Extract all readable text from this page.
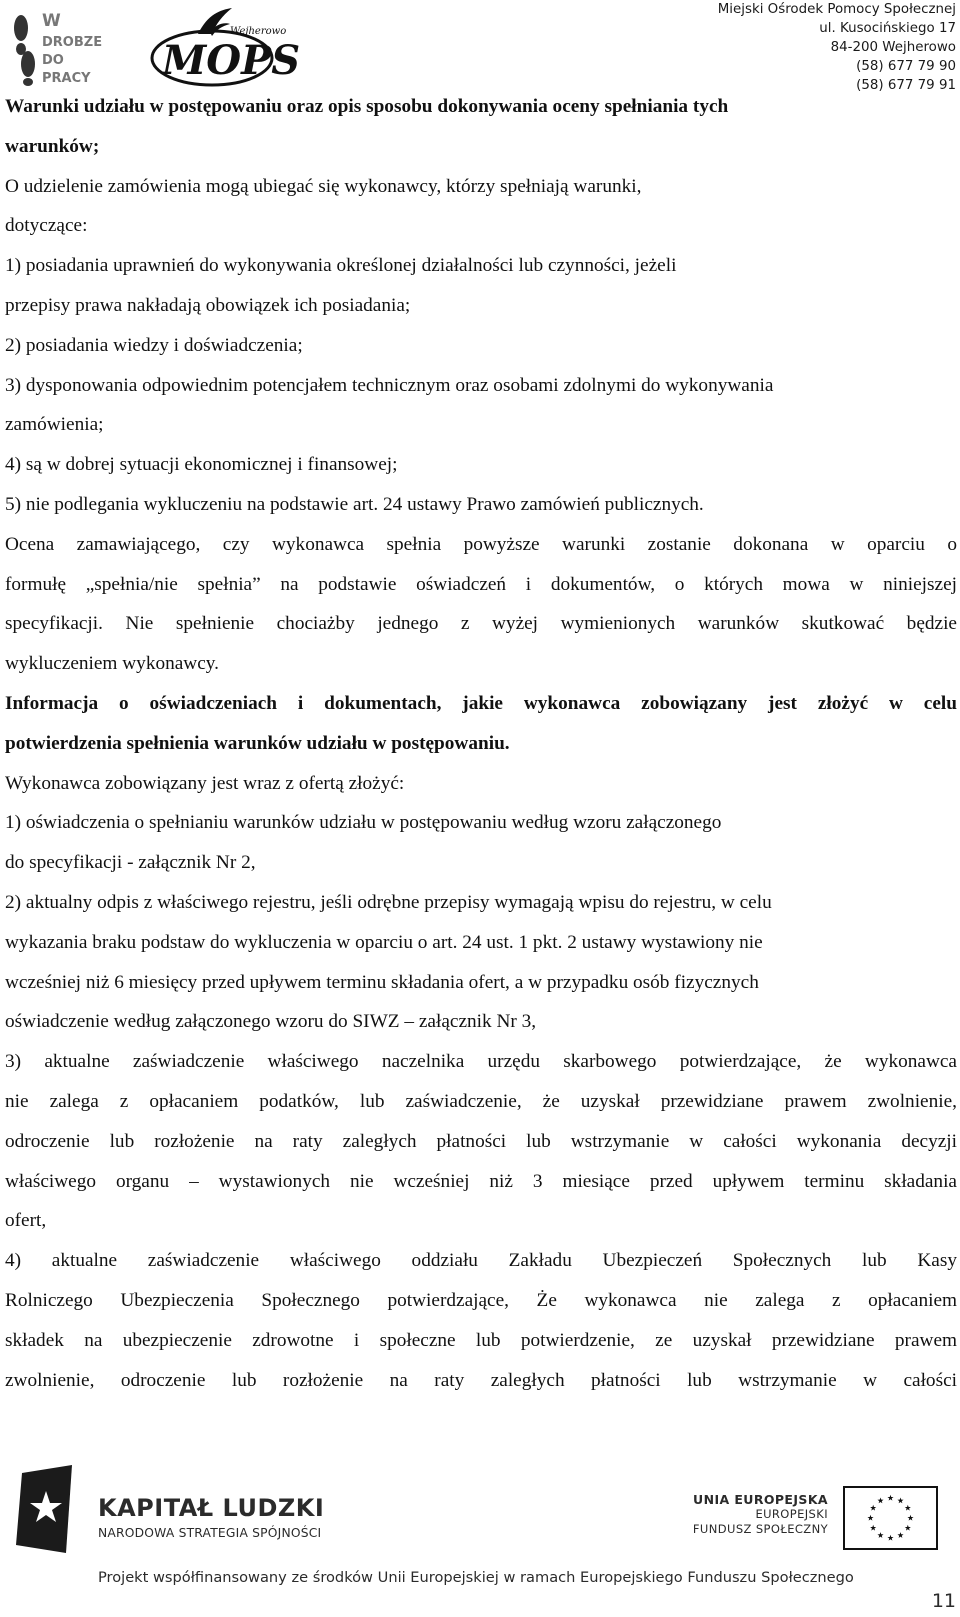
W
DROBZE
DO
PRACY MOPS
Wejherowo
Miejski Ośrodek Pomocy Społecznej
ul. Kusocińskiego 17
84-200 Wejherowo
(58) 677 79 90
(58) 677 79 91

Warunki udziału w postępowaniu oraz opis sposobu dokonywania oceny spełniania tych

warunków;

O udzielenie zamówienia mogą ubiegać się wykonawcy, którzy spełniają warunki,

dotyczące:

1) posiadania uprawnień do wykonywania określonej działalności lub czynności, jeżeli

przepisy prawa nakładają obowiązek ich posiadania;

2) posiadania wiedzy i doświadczenia;

3) dysponowania odpowiednim potencjałem technicznym oraz osobami zdolnymi do wykonywania

zamówienia;

4) są w dobrej sytuacji ekonomicznej i finansowej;

5) nie podlegania wykluczeniu na podstawie art. 24 ustawy Prawo zamówień publicznych.

Ocena zamawiającego, czy wykonawca spełnia powyższe warunki zostanie dokonana w oparciu o

formułę „spełnia/nie spełnia” na podstawie oświadczeń i dokumentów, o których mowa w niniejszej

specyfikacji. Nie spełnienie chociażby jednego z wyżej wymienionych warunków skutkować będzie

wykluczeniem wykonawcy.

Informacja o oświadczeniach i dokumentach, jakie wykonawca zobowiązany jest złożyć w celu

potwierdzenia spełnienia warunków udziału w postępowaniu.

Wykonawca zobowiązany jest wraz z ofertą złożyć:

1) oświadczenia o spełnianiu warunków udziału w postępowaniu według wzoru załączonego

do specyfikacji - załącznik Nr 2,

2) aktualny odpis z właściwego rejestru, jeśli odrębne przepisy wymagają wpisu do rejestru, w celu

wykazania braku podstaw do wykluczenia w oparciu o art. 24 ust. 1 pkt. 2 ustawy wystawiony nie

wcześniej niż 6 miesięcy przed upływem terminu składania ofert, a w przypadku osób fizycznych

oświadczenie według załączonego wzoru do SIWZ – załącznik Nr 3,

3) aktualne zaświadczenie właściwego naczelnika urzędu skarbowego potwierdzające, że wykonawca

nie zalega z opłacaniem podatków, lub zaświadczenie, że uzyskał przewidziane prawem zwolnienie,

odroczenie lub rozłożenie na raty zaległych płatności lub wstrzymanie w całości wykonania decyzji

właściwego organu – wystawionych nie wcześniej niż 3 miesiące przed upływem terminu składania

ofert,

4) aktualne zaświadczenie właściwego oddziału Zakładu Ubezpieczeń Społecznych lub Kasy

Rolniczego Ubezpieczenia Społecznego potwierdzające, Że wykonawca nie zalega z opłacaniem

składek na ubezpieczenie zdrowotne i społeczne lub potwierdzenie, ze uzyskał przewidziane prawem

zwolnienie, odroczenie lub rozłożenie na raty zaległych płatności lub wstrzymanie w całości

KAPITAŁ LUDZKI
NARODOWA STRATEGIA SPÓJNOŚCI
UNIA EUROPEJSKA
EUROPEJSKI
FUNDUSZ SPOŁECZNY
Projekt współfinansowany ze środków Unii Europejskiej w ramach Europejskiego Funduszu Społecznego
11
